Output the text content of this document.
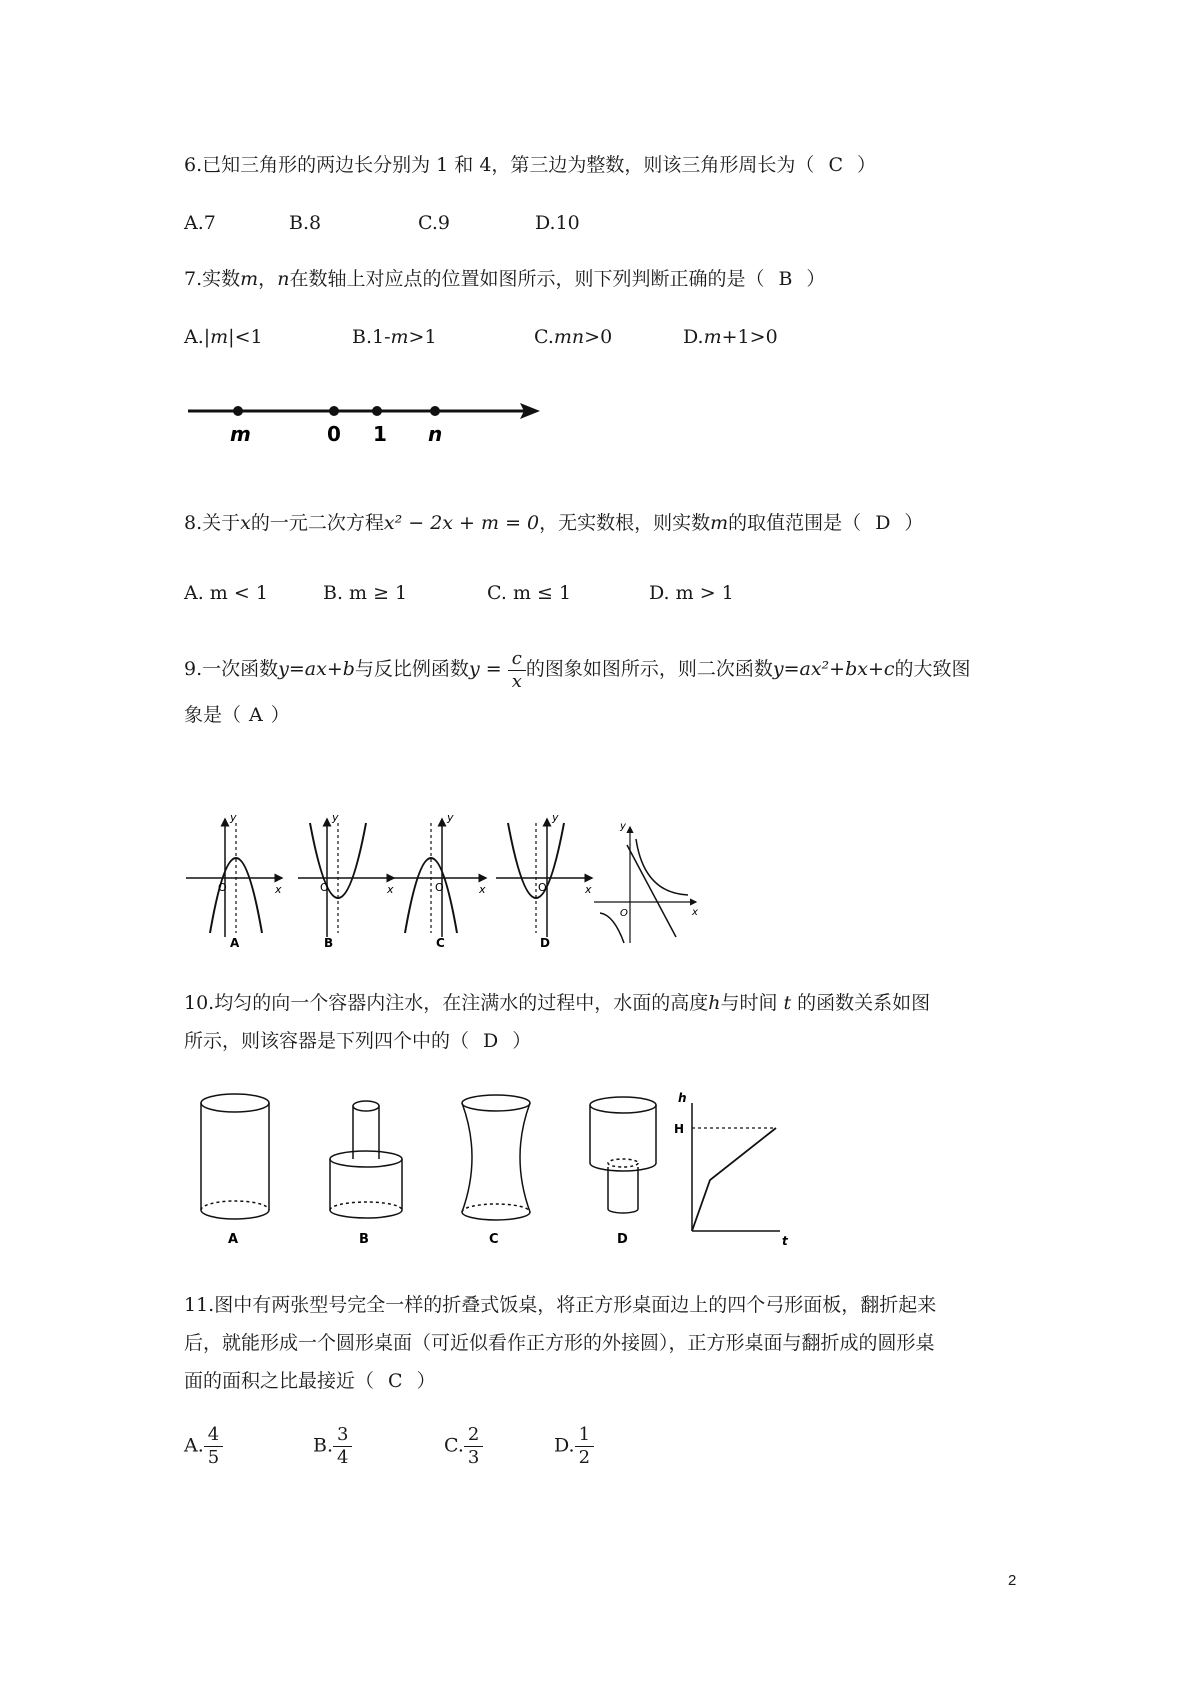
6.已知三角形的两边长分别为 1 和 4，第三边为整数，则该三角形周长为（ C ）
A.7	B.8	C.9	D.10
7.实数m，n在数轴上对应点的位置如图所示，则下列判断正确的是（ B ）
A.|m|<1	B.1-m>1	C.mn>0	D.m+1>0
m	0 1 n
8.关于x的一元二次方程x² − 2x + m = 0，无实数根，则实数m的取值范围是（ D ）
A. m < 1	B. m ≥ 1	C. m ≤ 1	D. m > 1
9.一次函数y=ax+b与反比例函数$y = \frac{c}{x}$ 的图象如图所示，则二次函数y=ax²+bx+c的大致图
象是（ A ）
y
x
O
A
y
x
O
B
y
x
O
C
y
x
O
D
y
x
O
10.均匀的向一个容器内注水，在注满水的过程中，水面的高度h与时间 t 的函数关系如图
所示，则该容器是下列四个中的（ D ）
A	B	C	D
h
H
t
11.图中有两张型号完全一样的折叠式饭桌，将正方形桌面边上的四个弓形面板，翻折起来
后，就能形成一个圆形桌面（可近似看作正方形的外接圆），正方形桌面与翻折成的圆形桌
面的面积之比最接近（ C ）
A. $\frac{4}{5}$	B. $\frac{3}{4}$	C. $\frac{2}{3}$	D. $\frac{1}{2}$
2
